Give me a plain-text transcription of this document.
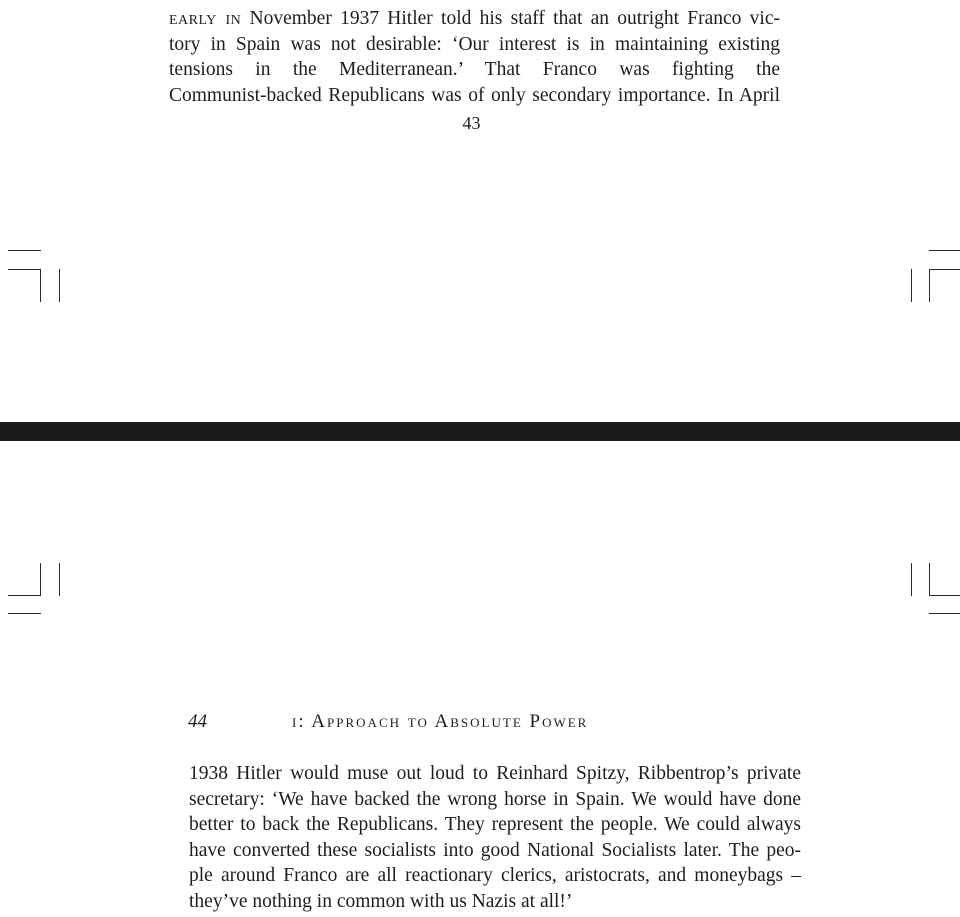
early in November 1937 Hitler told his staff that an outright Franco vic-
tory in Spain was not desirable: ‘Our interest is in maintaining existing
tensions in the Mediterranean.’ That Franco was fighting the
Communist-backed Republicans was of only secondary importance. In April
43
44	i: Approach to Absolute Power
1938 Hitler would muse out loud to Reinhard Spitzy, Ribbentrop’s private
secretary: ‘We have backed the wrong horse in Spain. We would have done
better to back the Republicans. They represent the people. We could always
have converted these socialists into good National Socialists later. The peo-
ple around Franco are all reactionary clerics, aristocrats, and moneybags –
they’ve nothing in common with us Nazis at all!’
